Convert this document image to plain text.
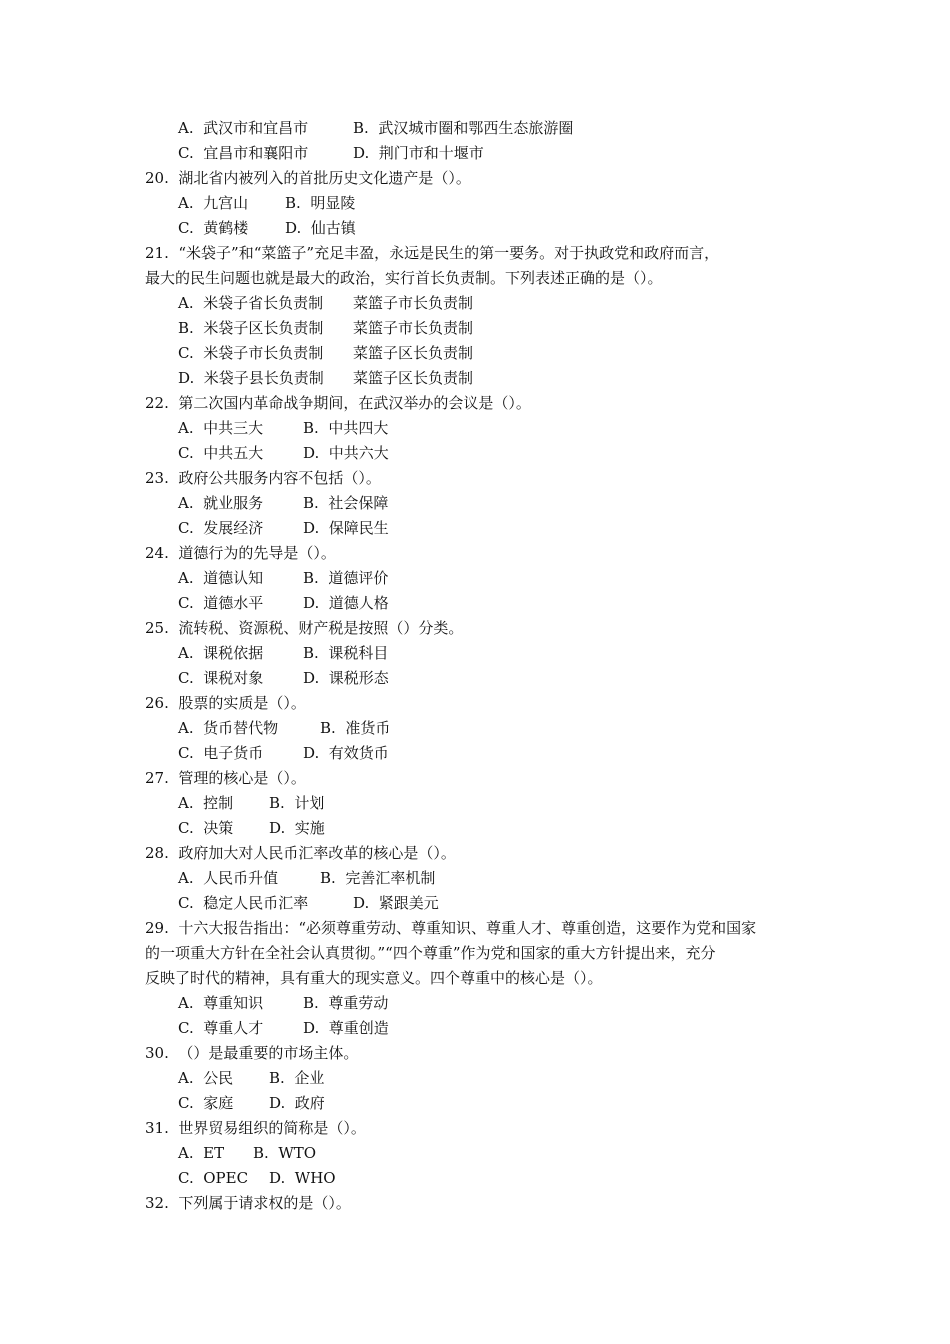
A.  武汉市和宜昌市	B.  武汉城市圈和鄂西生态旅游圈
C.  宜昌市和襄阳市	D.  荆门市和十堰市
20.  湖北省内被列入的首批历史文化遗产是（）。
A.  九宫山 B.  明显陵
C.  黄鹤楼 D.  仙古镇
21.  “米袋子”和“菜篮子”充足丰盈，永远是民生的第一要务。对于执政党和政府而言，
最大的民生问题也就是最大的政治，实行首长负责制。下列表述正确的是（）。
A.  米袋子省长负责制 菜篮子市长负责制
B.  米袋子区长负责制 菜篮子市长负责制
C.  米袋子市长负责制 菜篮子区长负责制
D.  米袋子县长负责制 菜篮子区长负责制
22.  第二次国内革命战争期间，在武汉举办的会议是（）。
A.  中共三大	B.  中共四大
C.  中共五大	D.  中共六大
23.  政府公共服务内容不包括（）。
A.  就业服务	B.  社会保障
C.  发展经济	D.  保障民生
24.  道德行为的先导是（）。
A.  道德认知	B.  道德评价
C.  道德水平	D.  道德人格
25.  流转税、资源税、财产税是按照（）分类。
A.  课税依据	B.  课税科目
C.  课税对象	D.  课税形态
26.  股票的实质是（）。
A.  货币替代物	B.  准货币
C.  电子货币	D.  有效货币
27.  管理的核心是（）。
A.  控制 B.  计划
C.  决策 D.  实施
28.  政府加大对人民币汇率改革的核心是（）。
A.  人民币升值	B.  完善汇率机制
C.  稳定人民币汇率	D.  紧跟美元
29.  十六大报告指出：“必须尊重劳动、尊重知识、尊重人才、尊重创造，这要作为党和国家
的一项重大方针在全社会认真贯彻。”“四个尊重”作为党和国家的重大方针提出来，充分
反映了时代的精神，具有重大的现实意义。四个尊重中的核心是（）。
A.  尊重知识	B.  尊重劳动
C.  尊重人才	D.  尊重创造
30.  （）是最重要的市场主体。
A.  公民 B.  企业
C.  家庭 D.  政府
31.  世界贸易组织的简称是（）。
A.  ET B.  WTO
C.  OPEC D.  WHO
32.  下列属于请求权的是（）。
